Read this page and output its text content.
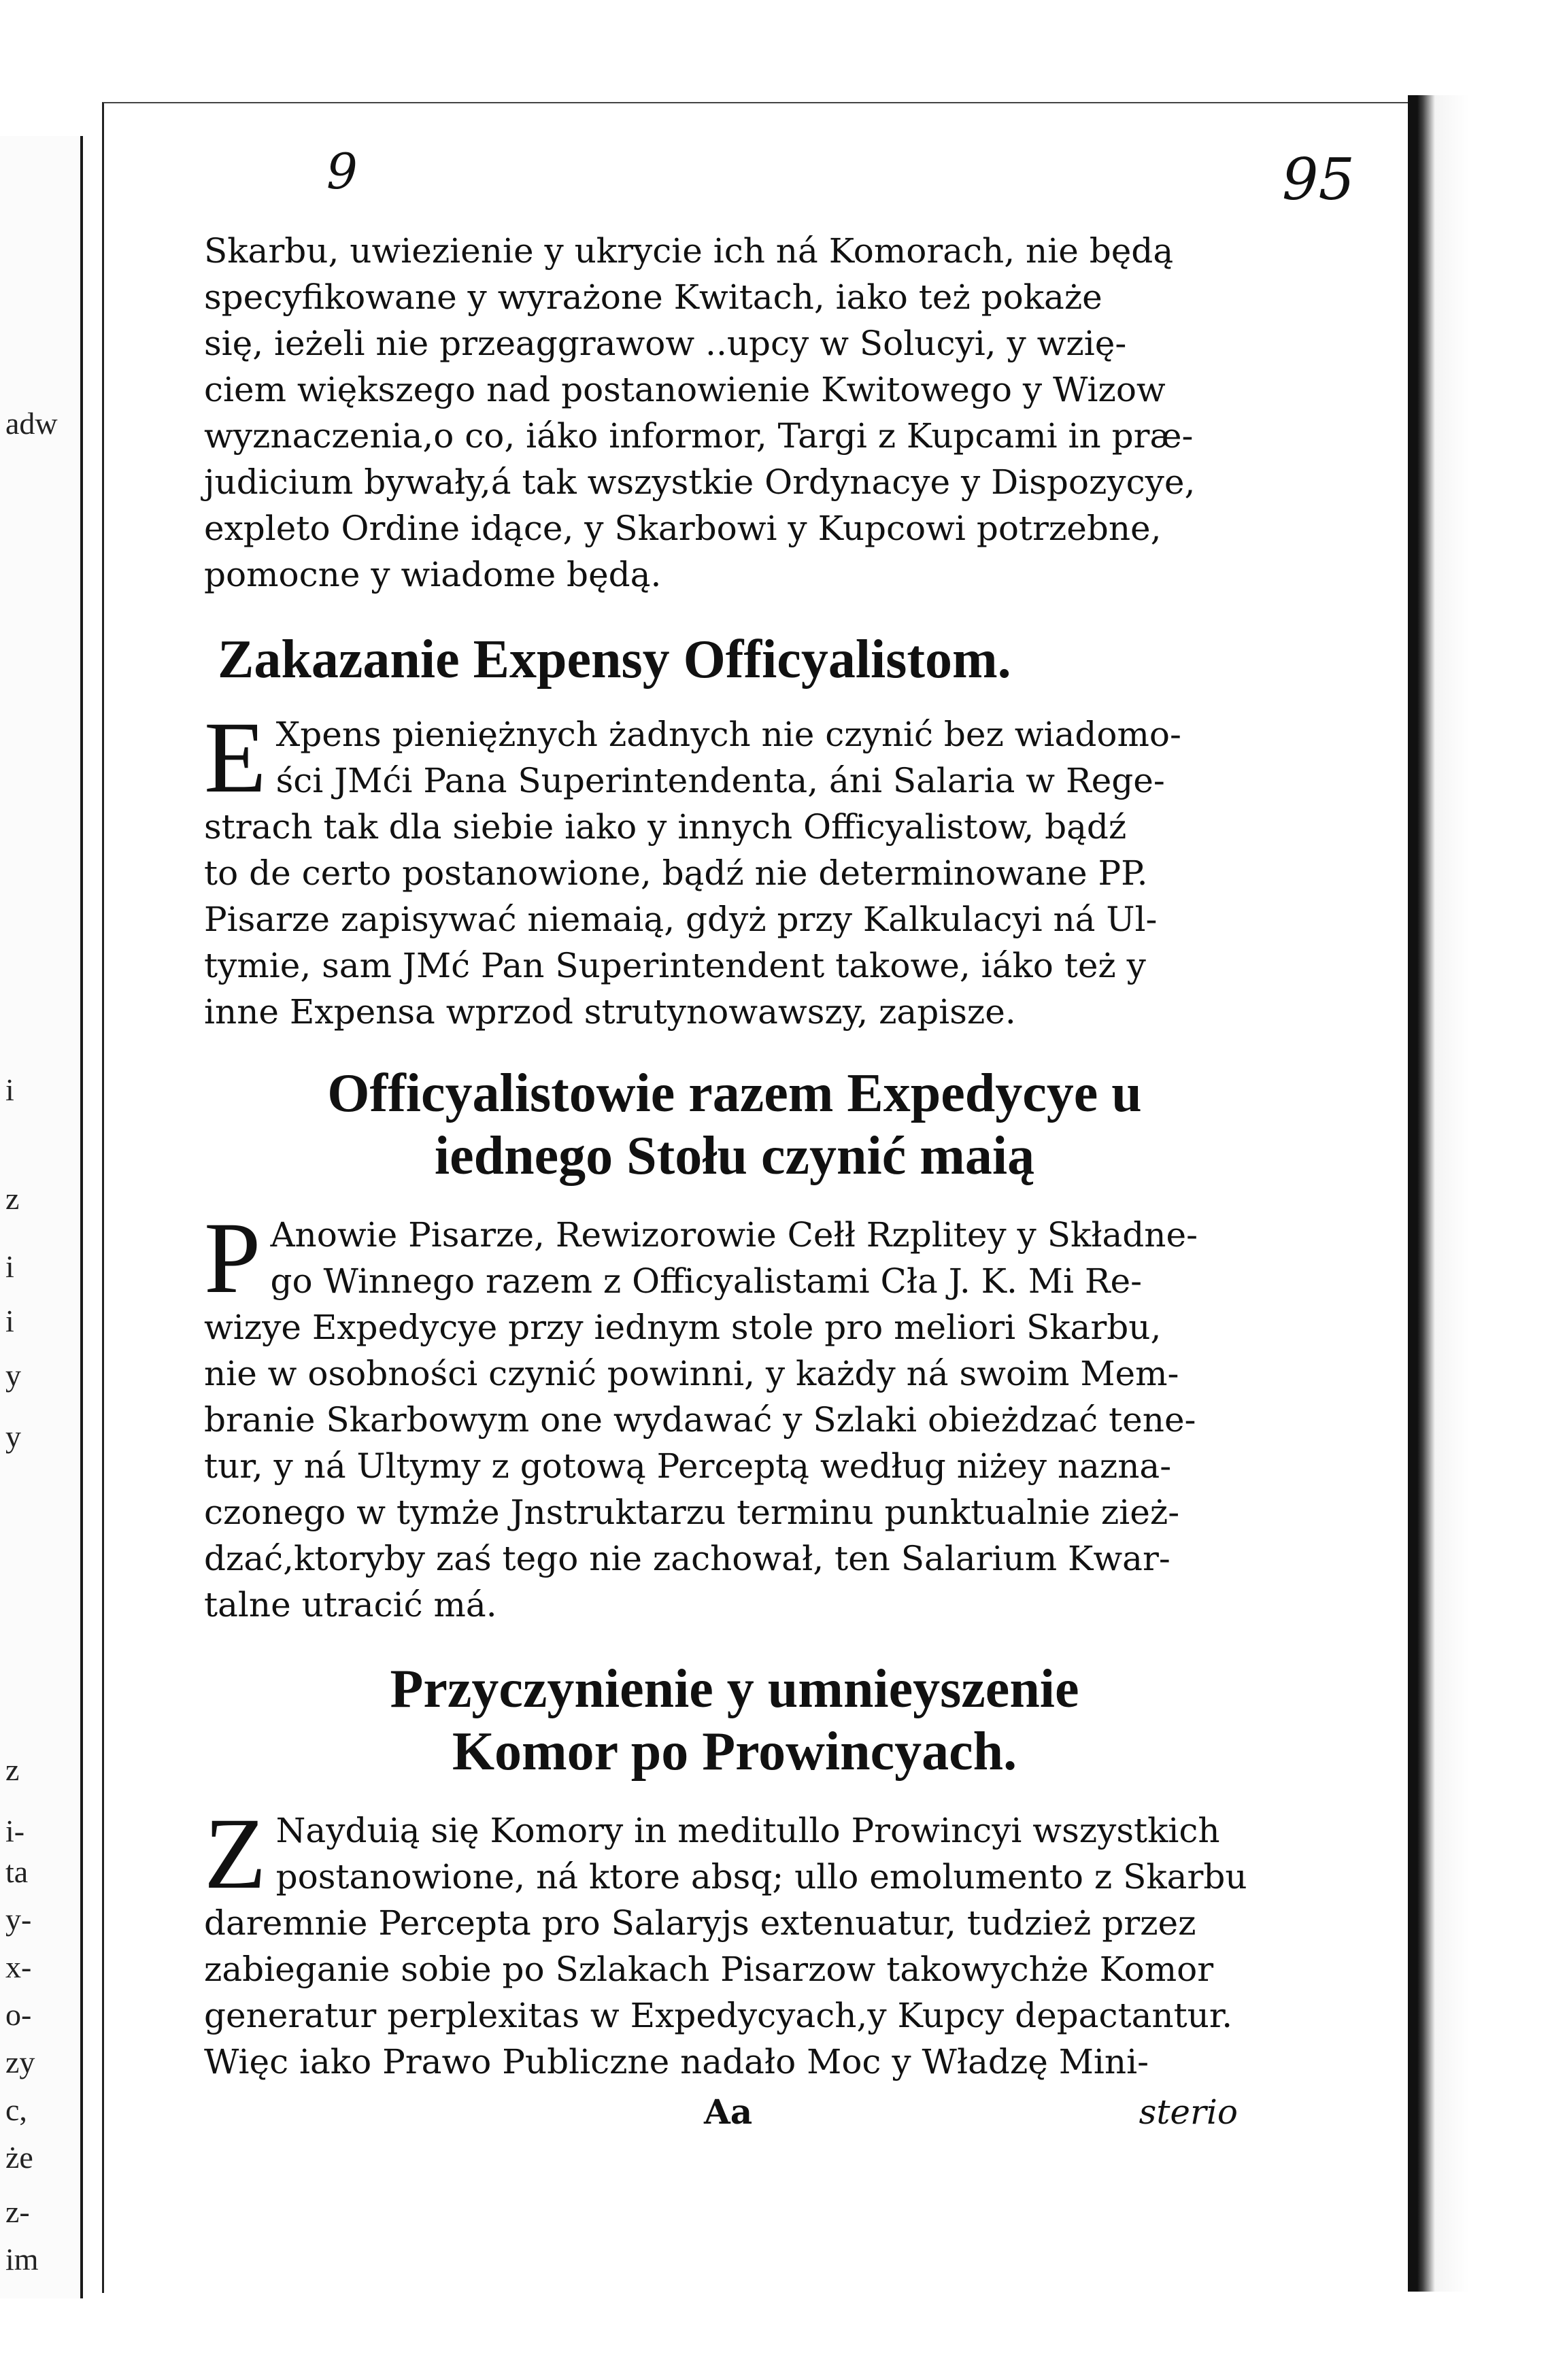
adw
i
z
i
i
y
y
z
i-
ta
y-
x-
o-
zy
c,
że
z-
im
9	95

Skarbu, uwiezienie y ukrycie ich ná Komorach, nie będą
specyfikowane y wyrażone Kwitach, iako też pokaże
się, ieżeli nie przeaggrawow ..upcy w Solucyi, y wzię-
ciem większego nad postanowienie Kwitowego y Wizow
wyznaczenia,o co, iáko informor, Targi z Kupcami in præ-
judicium bywały,á tak wszystkie Ordynacye y Dispozycye,
expleto Ordine idące, y Skarbowi y Kupcowi potrzebne,
pomocne y wiadome będą.

Zakazanie Expensy Officyalistom.

E Xpens pieniężnych żadnych nie czynić bez wiadomo-
ści JMći Pana Superintendenta, áni Salaria w Rege-
strach tak dla siebie iako y innych Officyalistow, bądź
to de certo postanowione, bądź nie determinowane PP.
Pisarze zapisywać niemaią, gdyż przy Kalkulacyi ná Ul-
tymie, sam JMć Pan Superintendent takowe, iáko też y
inne Expensa wprzod strutynowawszy, zapisze.

Officyalistowie razem Expedycye u
iednego Stołu czynić maią

P Anowie Pisarze, Rewizorowie Cełł Rzplitey y Składne-
go Winnego razem z Officyalistami Cła J. K. Mi Re-
wizye Expedycye przy iednym stole pro meliori Skarbu,
nie w osobności czynić powinni, y każdy ná swoim Mem-
branie Skarbowym one wydawać y Szlaki obieżdzać tene-
tur, y ná Ultymy z gotową Perceptą według niżey nazna-
czonego w tymże Jnstruktarzu terminu punktualnie zież-
dzać,ktoryby zaś tego nie zachował, ten Salarium Kwar-
talne utracić má.

Przyczynienie y umnieyszenie
Komor po Prowincyach.

Z Nayduią się Komory in meditullo Prowincyi wszystkich
postanowione, ná ktore absq; ullo emolumento z Skarbu
daremnie Percepta pro Salaryjs extenuatur, tudzież przez
zabieganie sobie po Szlakach Pisarzow takowychże Komor
generatur perplexitas w Expedycyach,y Kupcy depactantur.
Więc iako Prawo Publiczne nadało Moc y Władzę Mini-

Aa	sterio
